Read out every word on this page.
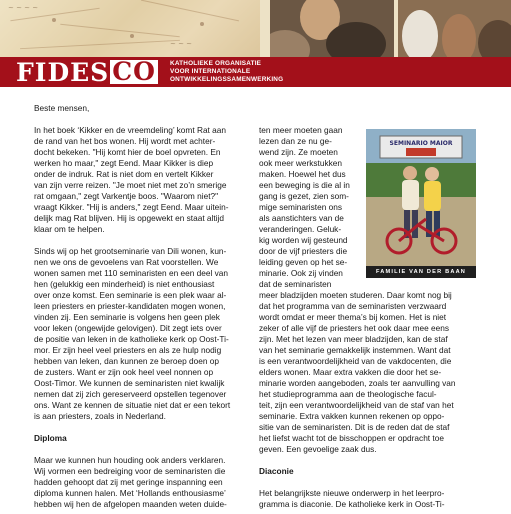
~ ~ ~ ~
~ ~ ~
FIDES CO	KATHOLIEKE ORGANISATIE
VOOR INTERNATIONALE
ONTWIKKELINGSSAMENWERKING
Beste mensen,
In het boek ‘Kikker en de vreemdeling’ komt Rat aan
de rand van het bos wonen. Hij wordt met achter-
docht bekeken. "Hij komt hier de boel opvreten. En
werken ho maar," zegt Eend. Maar Kikker is diep
onder de indruk. Rat is niet dom en vertelt Kikker
van zijn verre reizen. "Je moet niet met zo’n smerige
rat omgaan," zegt Varkentje boos. "Waarom niet?"
vraagt Kikker. "Hij is anders," zegt Eend. Maar uitein-
delijk mag Rat blijven. Hij is opgewekt en staat altijd
klaar om te helpen.
Sinds wij op het grootseminarie van Dili wonen, kun-
nen we ons de gevoelens van Rat voorstellen. We
wonen samen met 110 seminaristen en een deel van
hen (gelukkig een minderheid) is niet enthousiast
over onze komst. Een seminarie is een plek waar al-
leen priesters en priester-kandidaten mogen wonen,
vinden zij. Een seminarie is volgens hen geen plek
voor leken (ongewijde gelovigen). Dit zegt iets over
de positie van leken in de katholieke kerk op Oost-Ti-
mor. Er zijn heel veel priesters en als ze hulp nodig
hebben van leken, dan kunnen ze beroep doen op
de zusters. Want er zijn ook heel veel nonnen op
Oost-Timor. We kunnen de seminaristen niet kwalijk
nemen dat zij zich gereserveerd opstellen tegenover
ons. Want ze kennen de situatie niet dat er een tekort
is aan priesters, zoals in Nederland.
Diploma
Maar we kunnen hun houding ook anders verklaren.
Wij vormen een bedreiging voor de seminaristen die
hadden gehoopt dat zij met geringe inspanning een
diploma kunnen halen. Met ‘Hollands enthousiasme’
hebben wij hen de afgelopen maanden weten duide-
ten meer moeten gaan
lezen dan ze nu ge-
wend zijn. Ze moeten
ook meer werkstukken
maken. Hoewel het dus
een beweging is die al in
gang is gezet, zien som-
mige seminaristen ons
als aanstichters van de
veranderingen. Geluk-
kig worden wij gesteund
door de vijf priesters die
leiding geven op het se-
minarie. Ook zij vinden
dat de seminaristen
meer bladzijden moeten studeren. Daar komt nog bij
dat het programma van de seminaristen verzwaard
wordt omdat er meer thema’s bij komen. Het is niet
zeker of alle vijf de priesters het ook daar mee eens
zijn. Met het lezen van meer bladzijden, kan de staf
van het seminarie gemakkelijk instemmen. Want dat
is een verantwoordelijkheid van de vakdocenten, die
elders wonen. Maar extra vakken die door het se-
minarie worden aangeboden, zoals ter aanvulling van
het studieprogramma aan de theologische facul-
teit, zijn een verantwoordelijkheid van de staf van het
seminarie. Extra vakken kunnen rekenen op oppo-
sitie van de seminaristen. Dit is de reden dat de staf
het liefst wacht tot de bisschoppen er opdracht toe
geven. Een gevoelige zaak dus.
Diaconie
Het belangrijkste nieuwe onderwerp in het leerpro-
gramma is diaconie. De katholieke kerk in Oost-Ti-
SEMINARIO MAIOR
FAMILIE VAN DER BAAN
